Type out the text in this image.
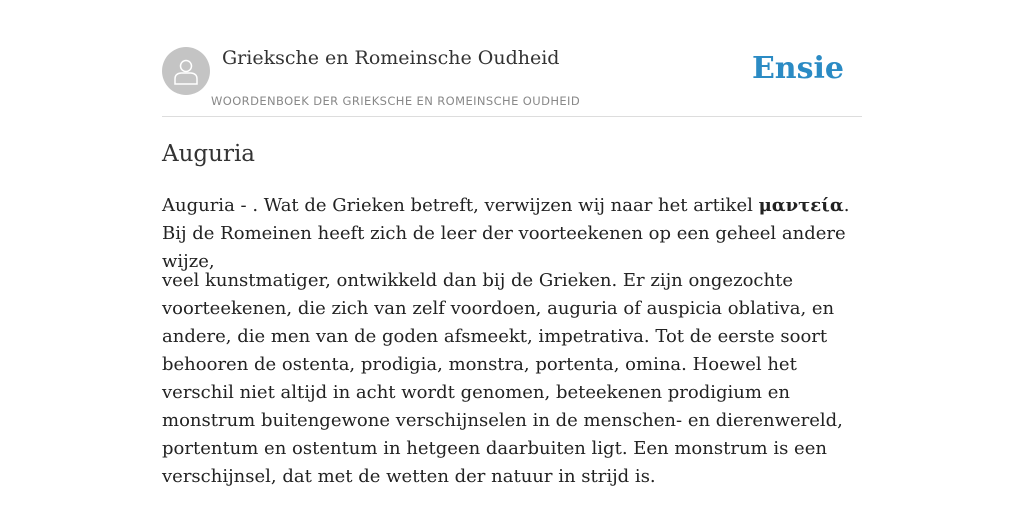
Grieksche en Romeinsche Oudheid
WOORDENBOEK DER GRIEKSCHE EN ROMEINSCHE OUDHEID
Ensie
Auguria

Auguria - . Wat de Grieken betreft, verwijzen wij naar het artikel μαντεία. Bij de Romeinen heeft zich de leer der voorteekenen op een geheel andere wijze,

veel kunstmatiger, ontwikkeld dan bij de Grieken. Er zijn ongezochte voorteekenen, die zich van zelf voordoen, auguria of auspicia oblativa, en andere, die men van de goden afsmeekt, impetrativa. Tot de eerste soort behooren de ostenta, prodigia, monstra, portenta, omina. Hoewel het verschil niet altijd in acht wordt genomen, beteekenen prodigium en monstrum buitengewone verschijnselen in de menschen- en dierenwereld, portentum en ostentum in hetgeen daarbuiten ligt. Een monstrum is een verschijnsel, dat met de wetten der natuur in strijd is.
